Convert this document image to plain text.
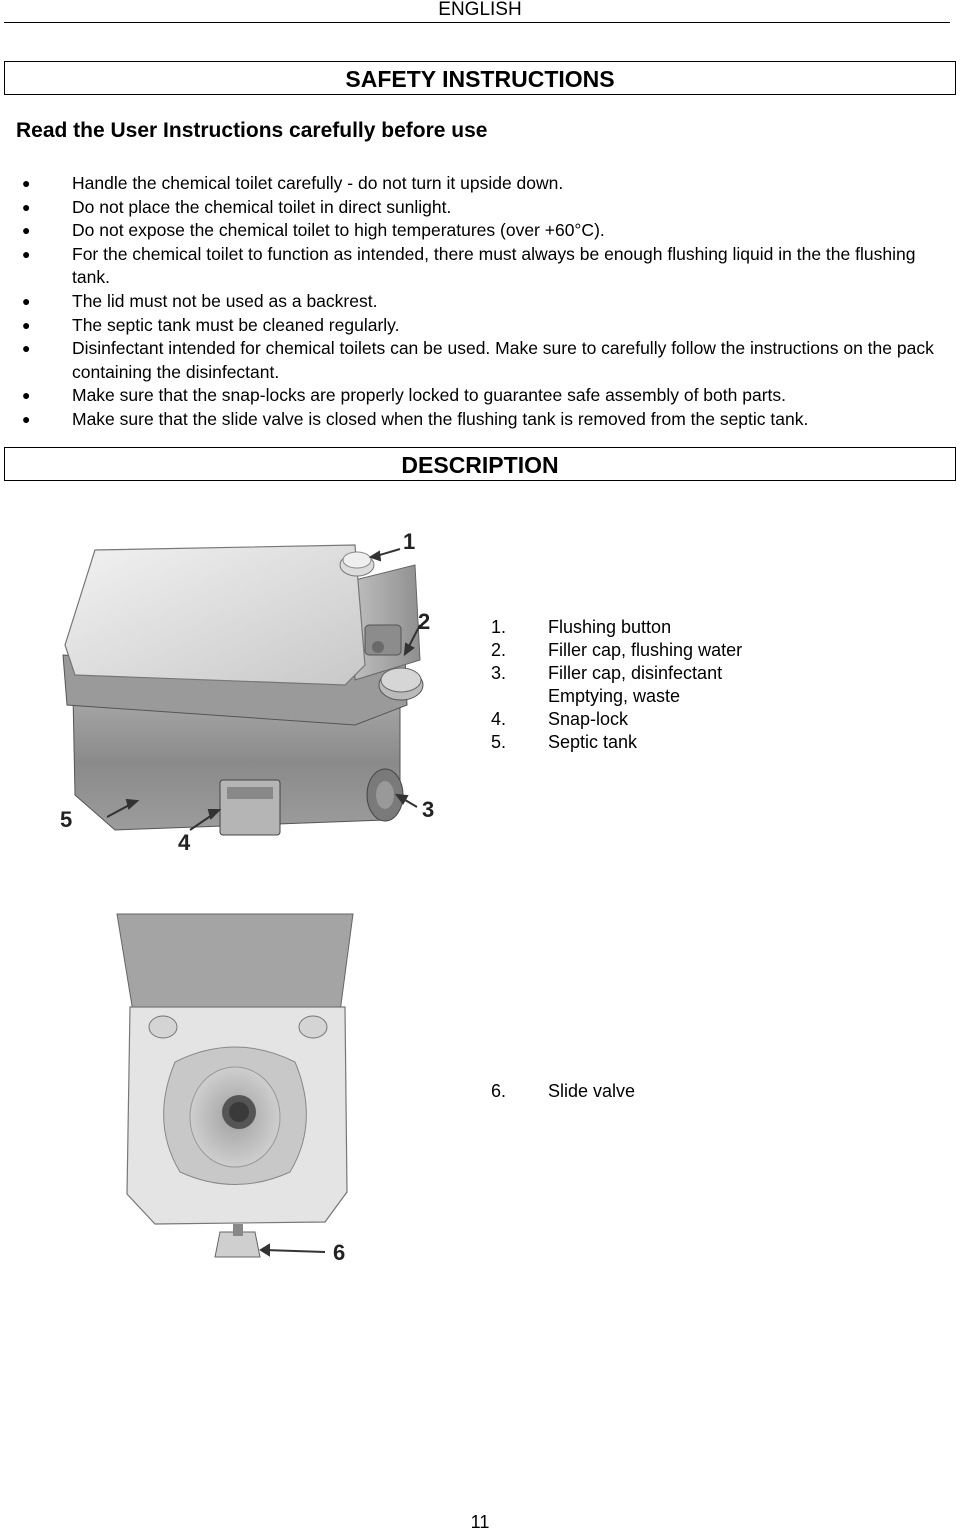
ENGLISH
SAFETY INSTRUCTIONS
Read the User Instructions carefully before use
● Handle the chemical toilet carefully - do not turn it upside down.
● Do not place the chemical toilet in direct sunlight.
● Do not expose the chemical toilet to high temperatures (over +60°C).
● For the chemical toilet to function as intended, there must always be enough flushing liquid in the the flushing tank.
● The lid must not be used as a backrest.
● The septic tank must be cleaned regularly.
● Disinfectant intended for chemical toilets can be used. Make sure to carefully follow the instructions on the pack containing the disinfectant.
● Make sure that the snap-locks are properly locked to guarantee safe assembly of both parts.
● Make sure that the slide valve is closed when the flushing tank is removed from the septic tank.
DESCRIPTION
1
2
3
5
4
1. Flushing button
2. Filler cap, flushing water
3. Filler cap, disinfectant
Emptying, waste
4. Snap-lock
5. Septic tank
6
6. Slide valve
11
